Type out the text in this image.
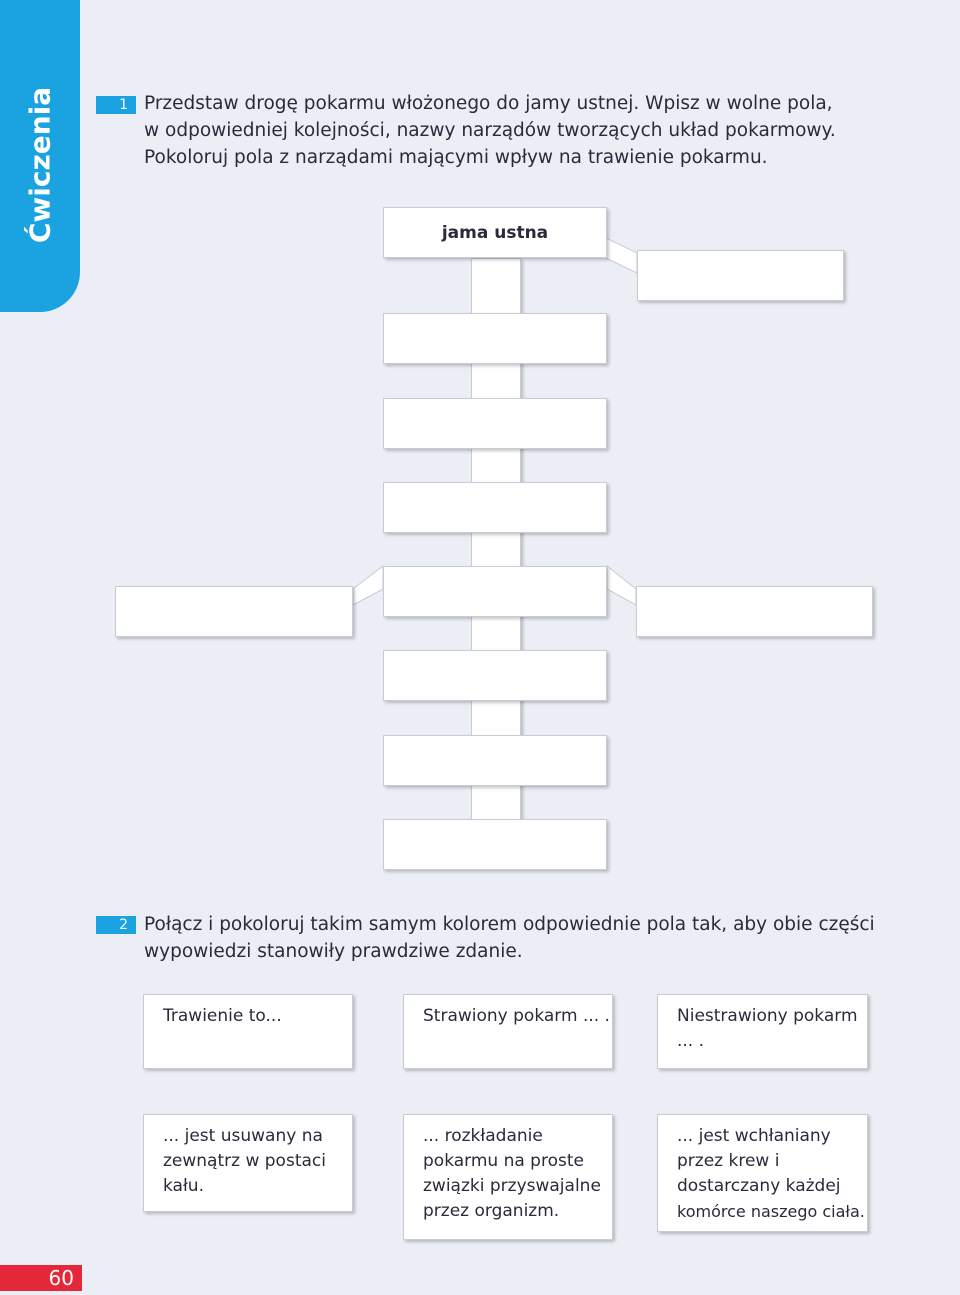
Ćwiczenia	1 Przedstaw drogę pokarmu włożonego do jamy ustnej. Wpisz w wolne pola,
w odpowiedniej kolejności, nazwy narządów tworzących układ pokarmowy.
Pokoloruj pola z narządami mającymi wpływ na trawienie pokarmu.
jama ustna
2 Połącz i pokoloruj takim samym kolorem odpowiednie pola tak, aby obie części
wypowiedzi stanowiły prawdziwe zdanie.
Trawienie to...	Strawiony pokarm ... .	Niestrawiony pokarm
... .
... jest usuwany na
zewnątrz w postaci
kału.
... rozkładanie
pokarmu na proste
związki przyswajalne
przez organizm.
... jest wchłaniany
przez krew i
dostarczany każdej
komórce naszego ciała.
60
